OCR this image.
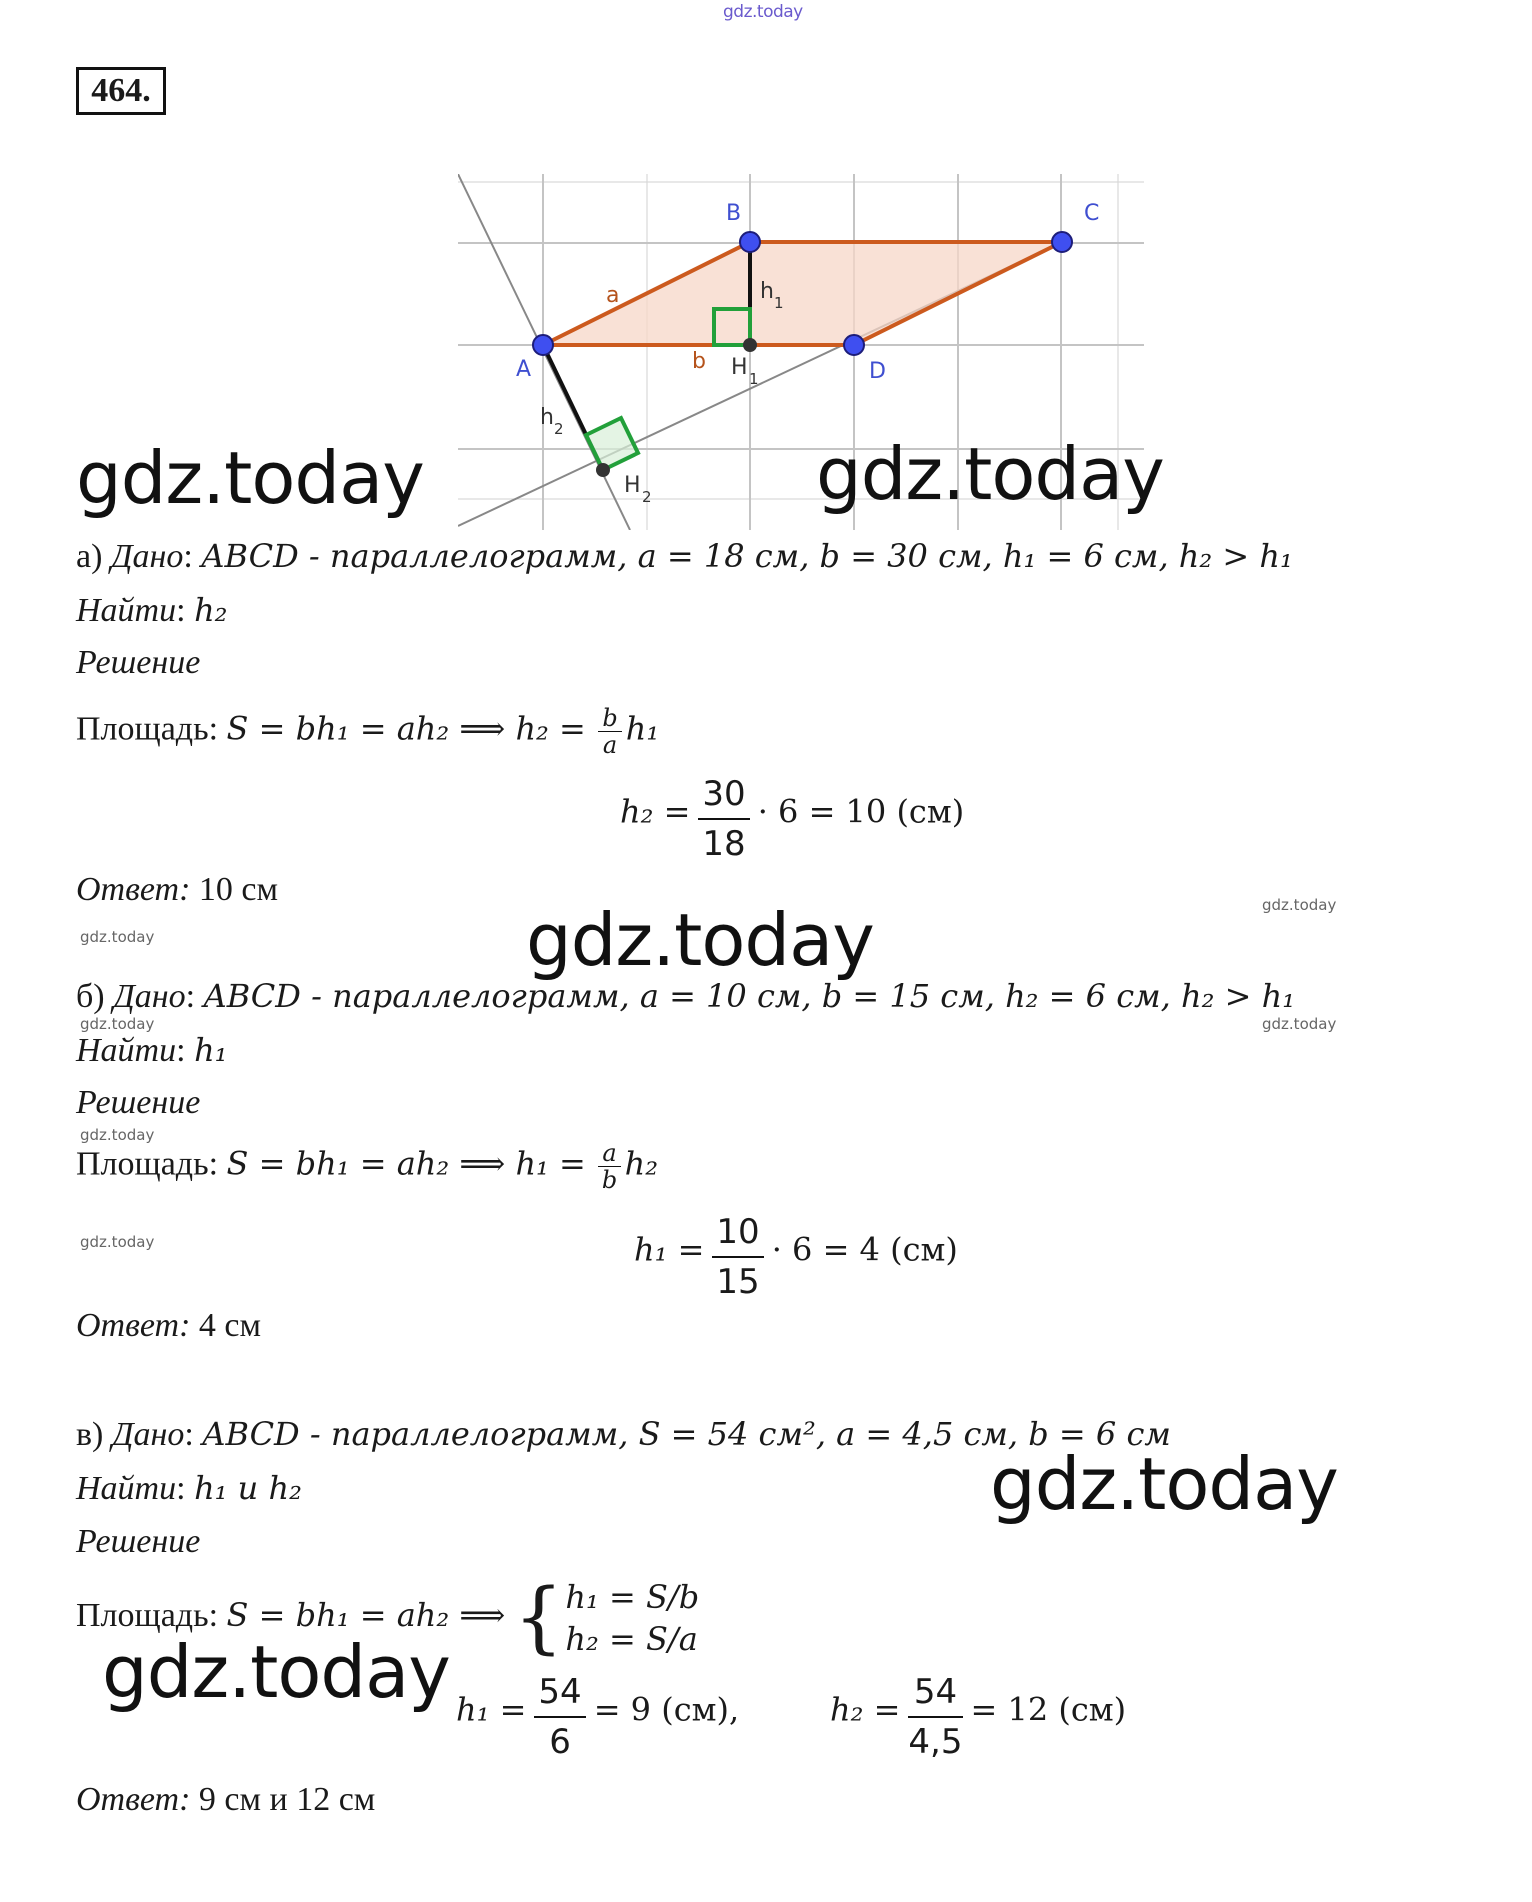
gdz.today
464.
A
B	C
D
H 1
H 2
h 1
h 2
a
b
gdz.today	gdz.today
gdz.today
gdz.today
gdz.today
gdz.today
gdz.today
gdz.today	gdz.today
gdz.today
gdz.today
а) Дано: ABCD - параллелограмм, a = 18 см, b = 30 см, h₁ = 6 см, h₂ > h₁
Найти: h₂
Решение
Площадь: S = bh₁ = ah₂ ⟹ $h_2 = \frac{b}{a} h_1$
$h_2 = \frac{30}{18} \cdot 6 = 10$ (см)
Ответ: 10 см
б) Дано: ABCD - параллелограмм, a = 10 см, b = 15 см, h₂ = 6 см, h₂ > h₁
Найти: h₁
Решение
Площадь: S = bh₁ = ah₂ ⟹ $h_1 = \frac{a}{b} h_2$
$h_1 = \frac{10}{15} \cdot 6 = 4$ (см)
Ответ: 4 см
в) Дано: ABCD - параллелограмм, S = 54 см², a = 4,5 см, b = 6 см
Найти: h₁ и h₂
Решение
Площадь: S = bh₁ = ah₂ ⟹ { h₁ = S/b
h₂ = S/a
$h_1 = \frac{54}{6} = 9$ (см),	$h_2 = \frac{54}{4,5} = 12$ (см)
Ответ: 9 см и 12 см
